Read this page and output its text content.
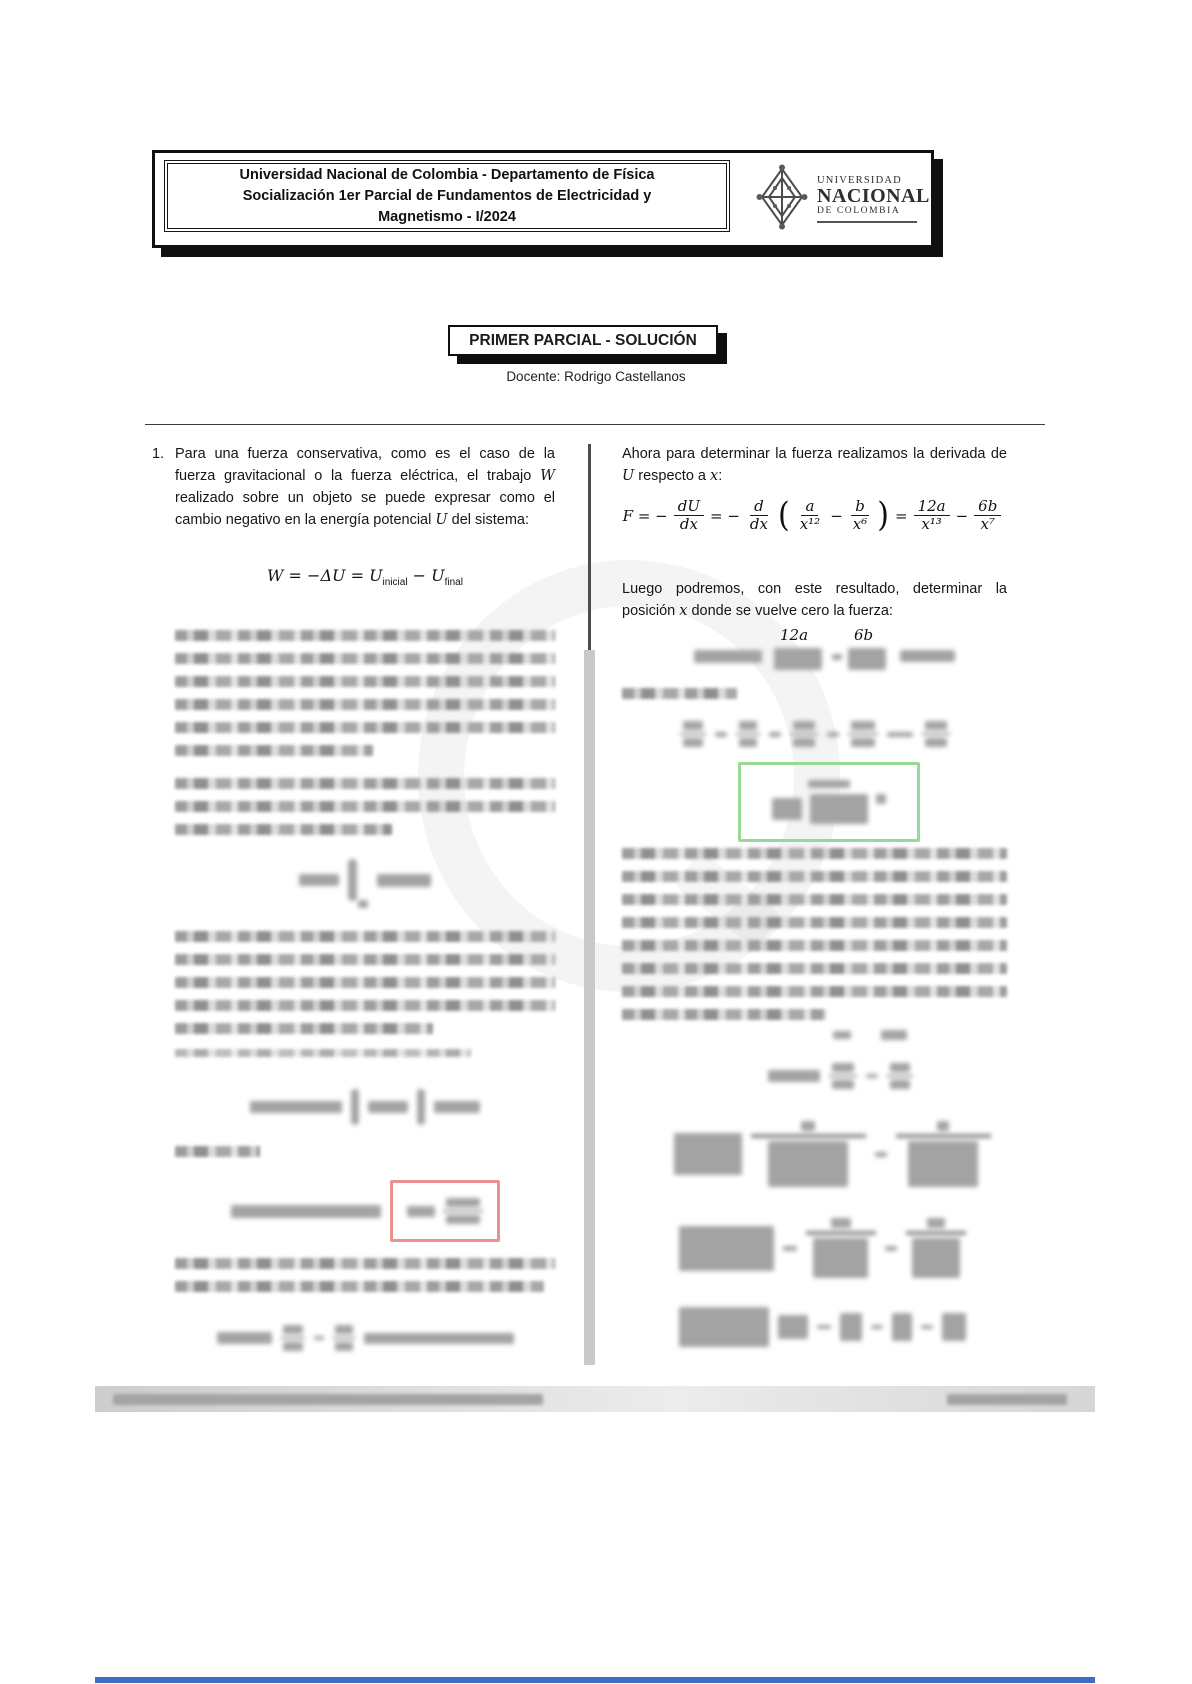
Universidad Nacional de Colombia - Departamento de Física
Socialización 1er Parcial de Fundamentos de Electricidad y
Magnetismo - I/2024
UNIVERSIDAD
NACIONAL
DE COLOMBIA
PRIMER PARCIAL - SOLUCIÓN
Docente: Rodrigo Castellanos
1. Para una fuerza conservativa, como es el caso de la fuerza gravitacional o la fuerza eléctrica, el trabajo W realizado sobre un objeto se puede expresar como el cambio negativo en la energía potencial U del sistema:
$W = -\Delta U = U_{inicial} - U_{final}$
Ahora para determinar la fuerza realizamos la derivada de U respecto a x:
F = − $\frac{dU}{dx}$ = − $\frac{d}{dx}$ ( $\frac{a}{\text{x¹²}} - \frac{b}{\text{x⁶}}$ ) = $\frac{12a}{\text{x¹³}} - \frac{6b}{\text{x⁷}}$
Luego podremos, con este resultado, determinar la posición x donde se vuelve cero la fuerza:
12a	6b
